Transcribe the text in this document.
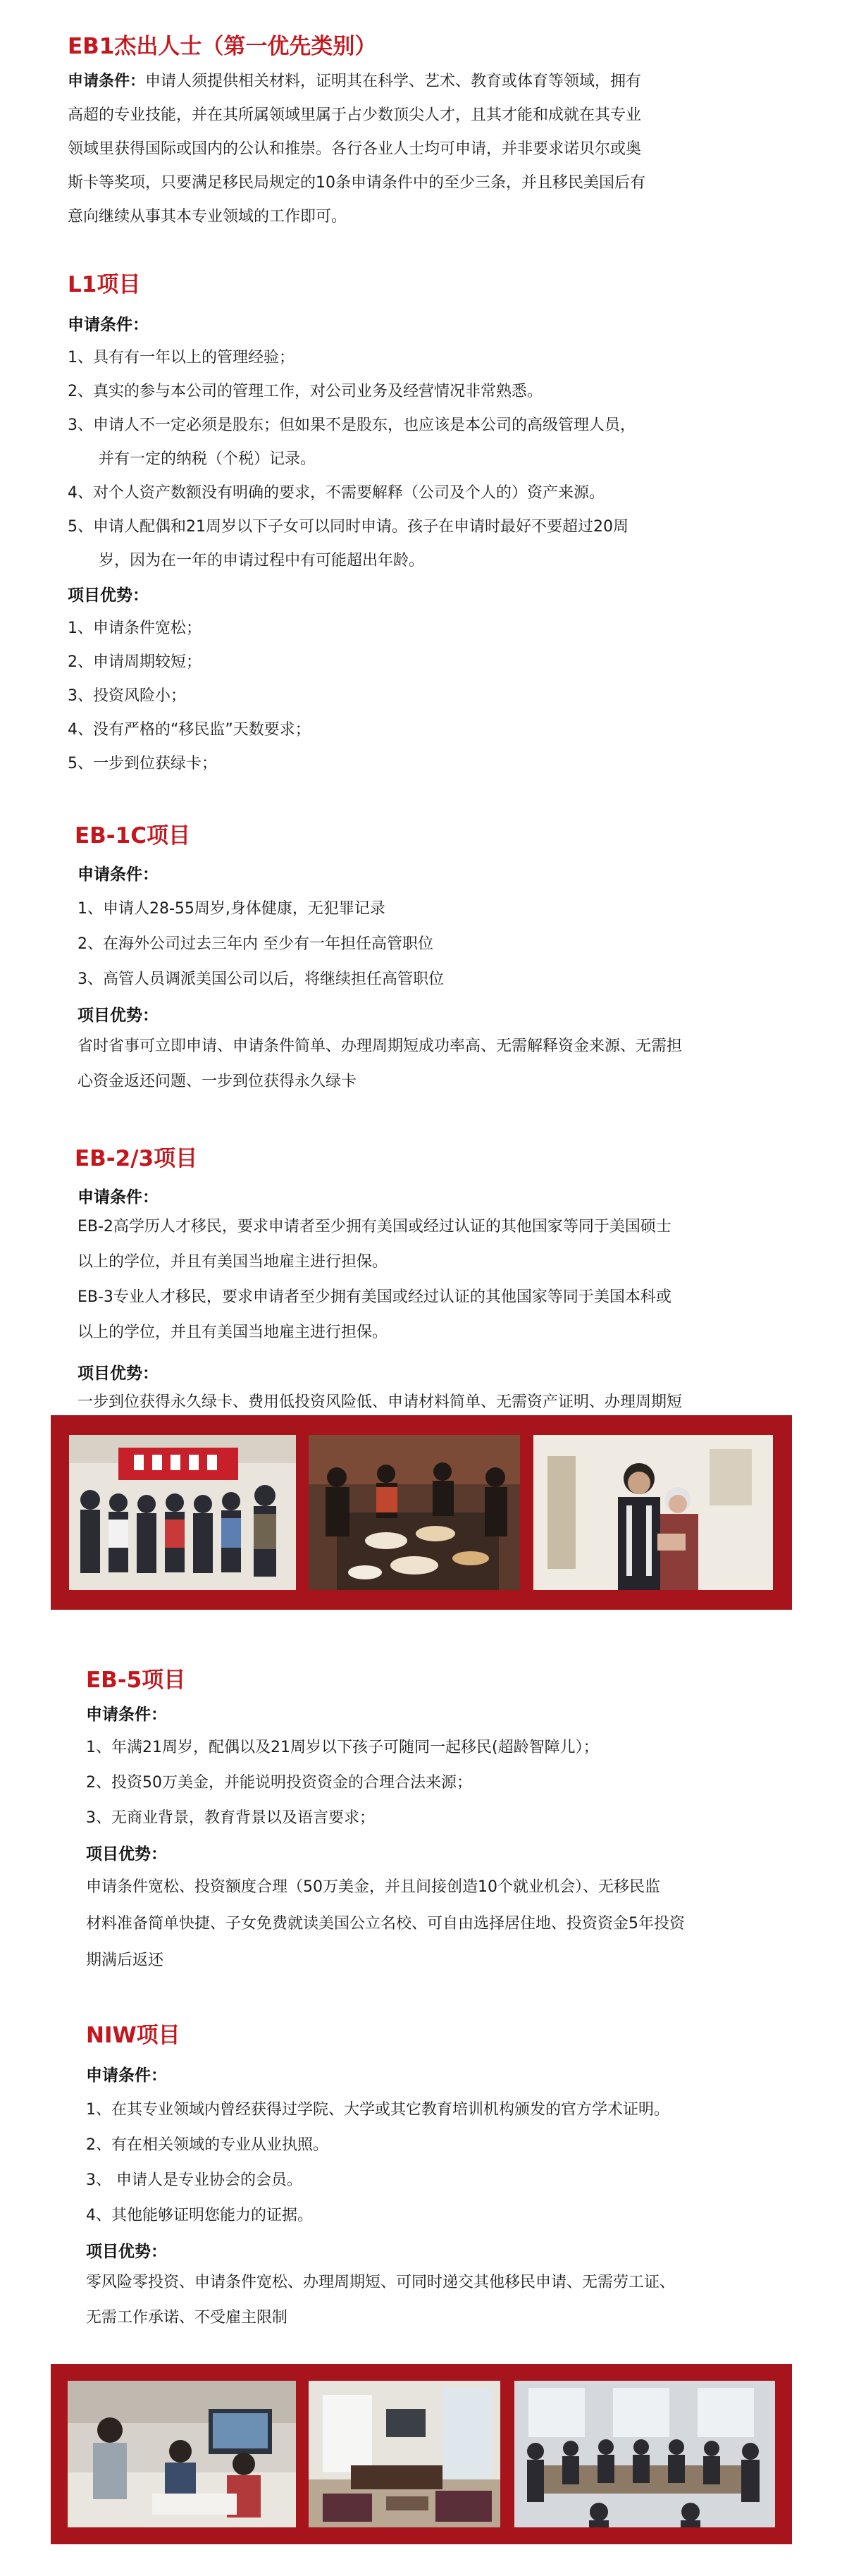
EB1杰出人士（第一优先类别）
申请条件：申请人须提供相关材料，证明其在科学、艺术、教育或体育等领域，拥有
高超的专业技能，并在其所属领域里属于占少数顶尖人才，且其才能和成就在其专业
领域里获得国际或国内的公认和推崇。各行各业人士均可申请，并非要求诺贝尔或奥
斯卡等奖项，只要满足移民局规定的10条申请条件中的至少三条，并且移民美国后有
意向继续从事其本专业领域的工作即可。
L1项目
申请条件：
1、具有有一年以上的管理经验；
2、真实的参与本公司的管理工作，对公司业务及经营情况非常熟悉。
3、申请人不一定必须是股东；但如果不是股东，也应该是本公司的高级管理人员，
并有一定的纳税（个税）记录。
4、对个人资产数额没有明确的要求，不需要解释（公司及个人的）资产来源。
5、申请人配偶和21周岁以下子女可以同时申请。孩子在申请时最好不要超过20周
岁，因为在一年的申请过程中有可能超出年龄。
项目优势：
1、申请条件宽松；
2、申请周期较短；
3、投资风险小；
4、没有严格的“移民监”天数要求；
5、一步到位获绿卡；
EB-1C项目
申请条件：
1、申请人28-55周岁,身体健康，无犯罪记录
2、在海外公司过去三年内 至少有一年担任高管职位
3、高管人员调派美国公司以后，将继续担任高管职位
项目优势：
省时省事可立即申请、申请条件简单、办理周期短成功率高、无需解释资金来源、无需担
心资金返还问题、一步到位获得永久绿卡
EB-2/3项目
申请条件：
EB-2高学历人才移民，要求申请者至少拥有美国或经过认证的其他国家等同于美国硕士
以上的学位，并且有美国当地雇主进行担保。
EB-3专业人才移民，要求申请者至少拥有美国或经过认证的其他国家等同于美国本科或
以上的学位，并且有美国当地雇主进行担保。
项目优势：
一步到位获得永久绿卡、费用低投资风险低、申请材料简单、无需资产证明、办理周期短
EB-5项目
申请条件：
1、年满21周岁，配偶以及21周岁以下孩子可随同一起移民(超龄智障儿）；
2、投资50万美金，并能说明投资资金的合理合法来源；
3、无商业背景，教育背景以及语言要求；
项目优势：
申请条件宽松、投资额度合理（50万美金，并且间接创造10个就业机会）、无移民监
材料准备简单快捷、子女免费就读美国公立名校、可自由选择居住地、投资资金5年投资
期满后返还
NIW项目
申请条件：
1、在其专业领域内曾经获得过学院、大学或其它教育培训机构颁发的官方学术证明。
2、有在相关领域的专业从业执照。
3、 申请人是专业协会的会员。
4、其他能够证明您能力的证据。
项目优势：
零风险零投资、申请条件宽松、办理周期短、可同时递交其他移民申请、无需劳工证、
无需工作承诺、不受雇主限制
